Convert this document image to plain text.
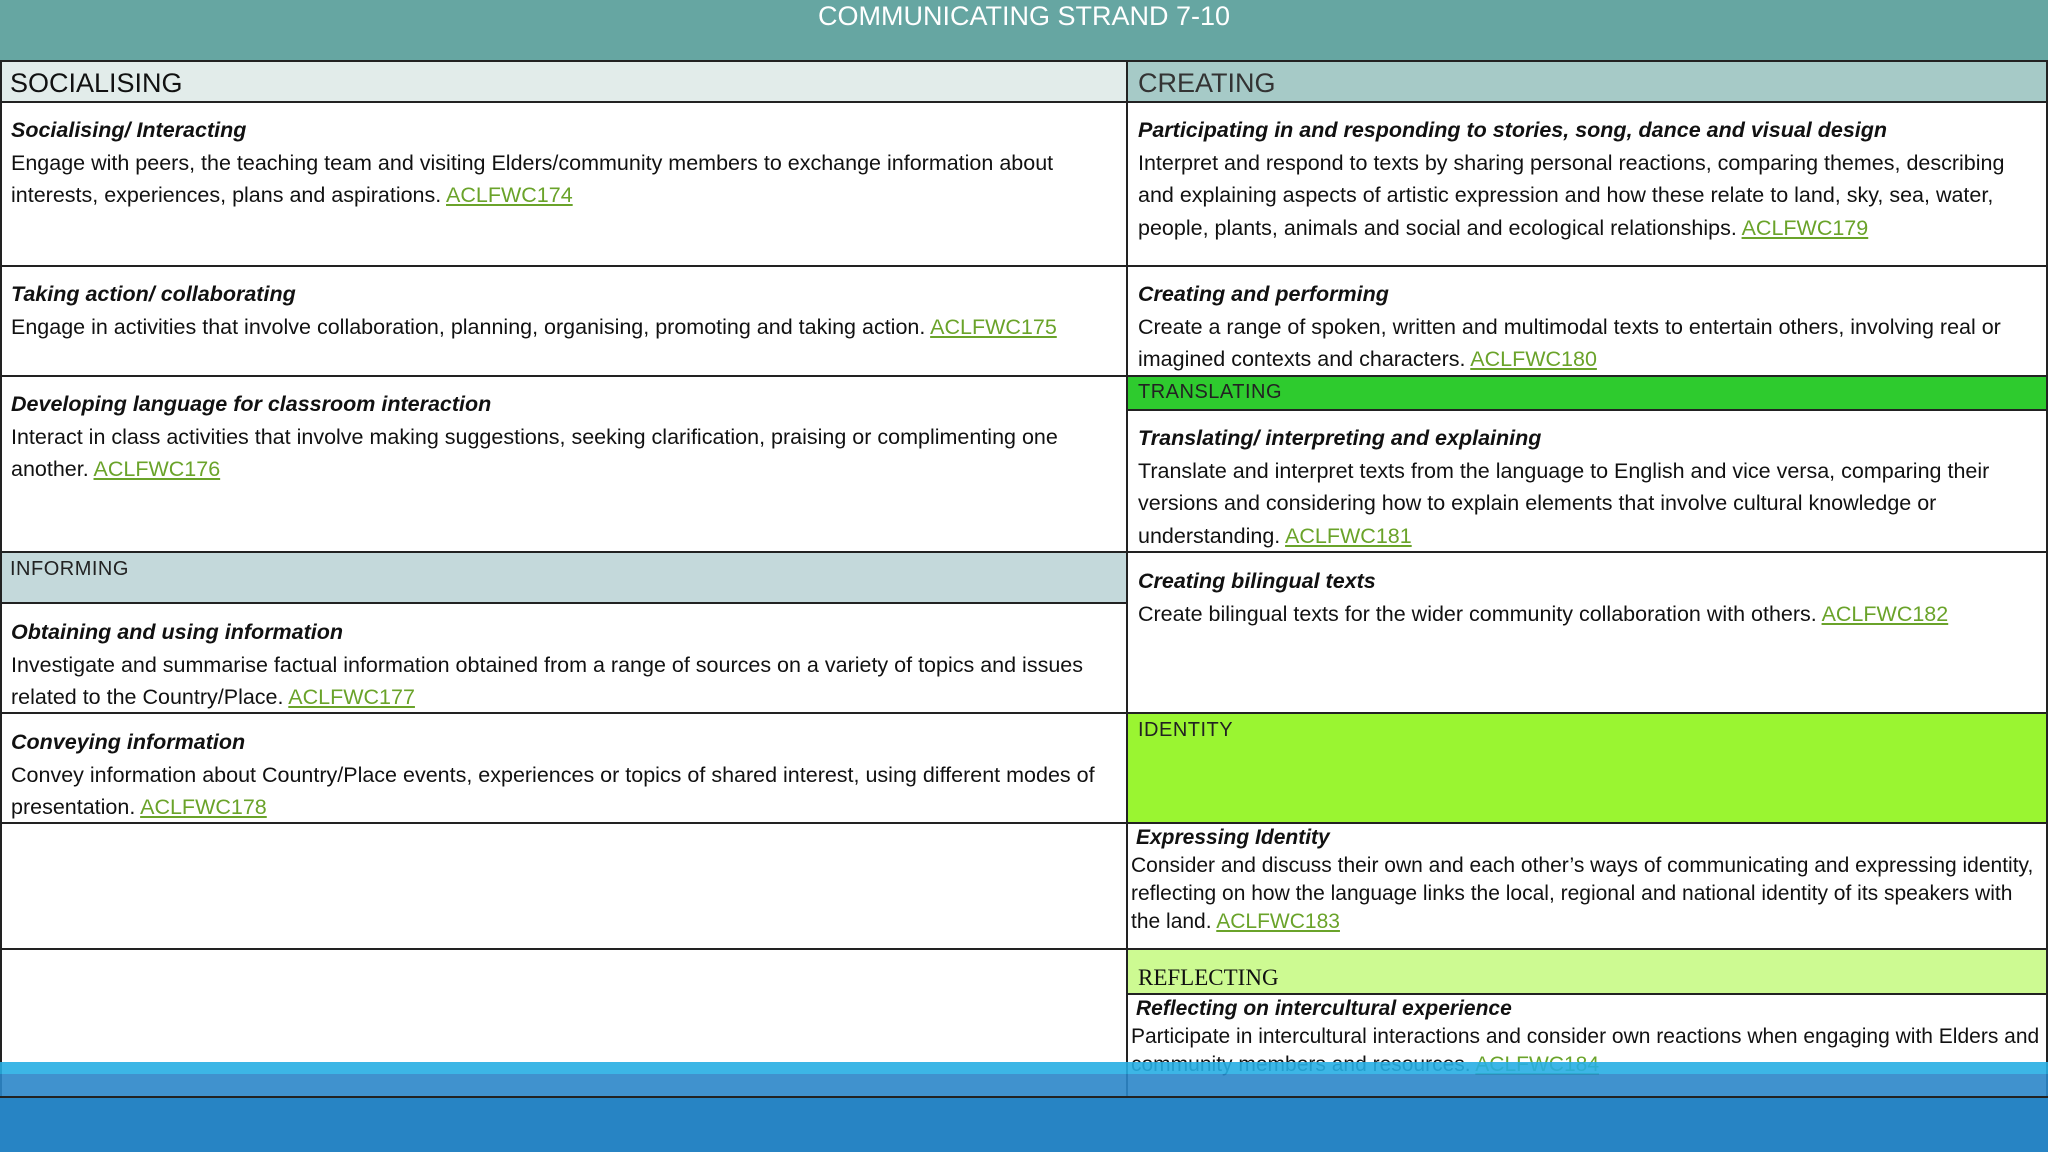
COMMUNICATING STRAND 7-10
SOCIALISING	CREATING
INFORMING
TRANSLATING
IDENTITY
REFLECTING
Socialising/ Interacting
Engage with peers, the teaching team and visiting Elders/community members to exchange information about interests, experiences, plans and aspirations. ACLFWC174
Taking action/ collaborating
Engage in activities that involve collaboration, planning, organising, promoting and taking action. ACLFWC175
Developing language for classroom interaction
Interact in class activities that involve making suggestions, seeking clarification, praising or complimenting one another. ACLFWC176
Obtaining and using information
Investigate and summarise factual information obtained from a range of sources on a variety of topics and issues related to the Country/Place. ACLFWC177
Conveying information
Convey information about Country/Place events, experiences or topics of shared interest, using different modes of presentation. ACLFWC178
Participating in and responding to stories, song, dance and visual design
Interpret and respond to texts by sharing personal reactions, comparing themes, describing and explaining aspects of artistic expression and how these relate to land, sky, sea, water, people, plants, animals and social and ecological relationships. ACLFWC179
Creating and performing
Create a range of spoken, written and multimodal texts to entertain others, involving real or imagined contexts and characters. ACLFWC180
Translating/ interpreting and explaining
Translate and interpret texts from the language to English and vice versa, comparing their versions and considering how to explain elements that involve cultural knowledge or understanding. ACLFWC181
Creating bilingual texts
Create bilingual texts for the wider community collaboration with others. ACLFWC182
Expressing Identity
Consider and discuss their own and each other’s ways of communicating and expressing identity, reflecting on how the language links the local, regional and national identity of its speakers with the land. ACLFWC183
Reflecting on intercultural experience
Participate in intercultural interactions and consider own reactions when engaging with Elders and
